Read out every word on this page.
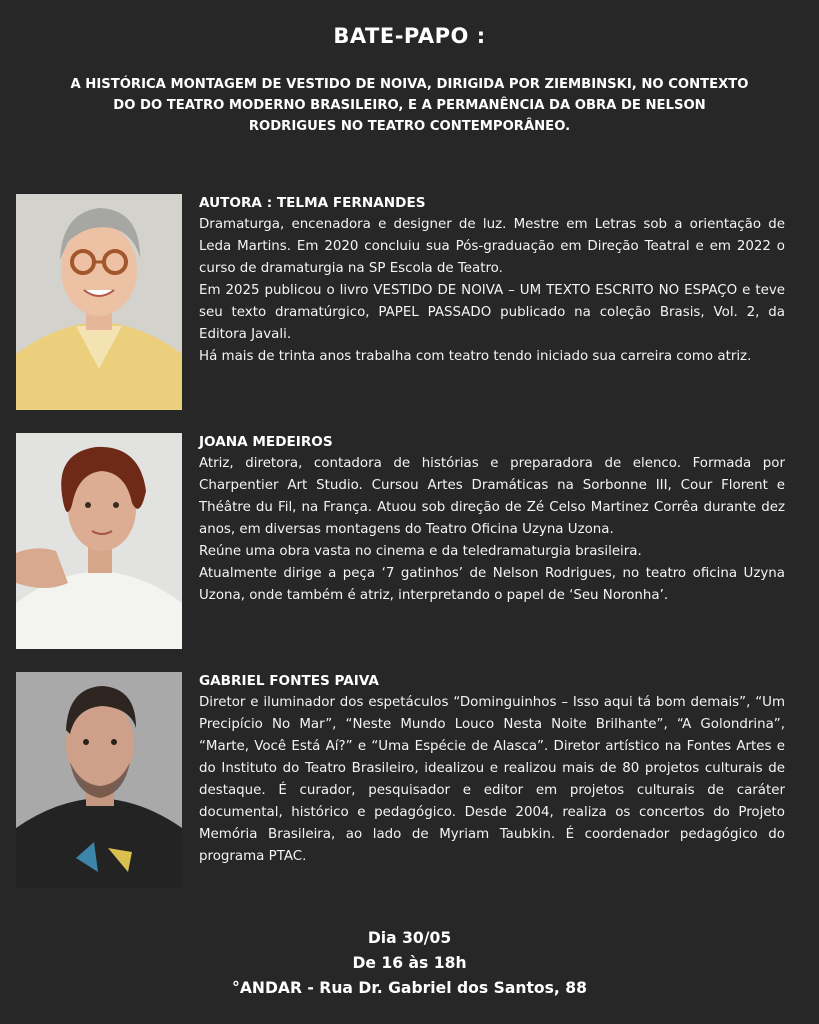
BATE-PAPO :
A HISTÓRICA MONTAGEM DE VESTIDO DE NOIVA, DIRIGIDA POR ZIEMBINSKI, NO CONTEXTO
DO DO TEATRO MODERNO BRASILEIRO, E A PERMANÊNCIA DA OBRA DE NELSON
RODRIGUES NO TEATRO CONTEMPORÂNEO.
AUTORA : TELMA FERNANDES
Dramaturga, encenadora e designer de luz. Mestre em Letras sob a orientação de Leda Martins. Em 2020 concluiu sua Pós-graduação em Direção Teatral e em 2022 o curso de dramaturgia na SP Escola de Teatro.
Em 2025 publicou o livro VESTIDO DE NOIVA – UM TEXTO ESCRITO NO ESPAÇO e teve seu texto dramatúrgico, PAPEL PASSADO publicado na coleção Brasis, Vol. 2, da Editora Javali.
Há mais de trinta anos trabalha com teatro tendo iniciado sua carreira como atriz.
JOANA MEDEIROS
Atriz, diretora, contadora de histórias e preparadora de elenco. Formada por Charpentier Art Studio. Cursou Artes Dramáticas na Sorbonne III, Cour Florent e Théâtre du Fil, na França. Atuou sob direção de Zé Celso Martinez Corrêa durante dez anos, em diversas montagens do Teatro Oficina Uzyna Uzona.
Reúne uma obra vasta no cinema e da teledramaturgia brasileira.
Atualmente dirige a peça ‘7 gatinhos’ de Nelson Rodrigues, no teatro oficina Uzyna Uzona, onde também é atriz, interpretando o papel de ‘Seu Noronha’.
GABRIEL FONTES PAIVA
Diretor e iluminador dos espetáculos “Dominguinhos – Isso aqui tá bom demais”, “Um Precipício No Mar”, “Neste Mundo Louco Nesta Noite Brilhante”, “A Golondrina”, “Marte, Você Está Aí?” e “Uma Espécie de Alasca”. Diretor artístico na Fontes Artes e do Instituto do Teatro Brasileiro, idealizou e realizou mais de 80 projetos culturais de destaque. É curador, pesquisador e editor em projetos culturais de caráter documental, histórico e pedagógico. Desde 2004, realiza os concertos do Projeto Memória Brasileira, ao lado de Myriam Taubkin. É coordenador pedagógico do programa PTAC.
Dia 30/05
De 16 às 18h
°ANDAR - Rua Dr. Gabriel dos Santos, 88
